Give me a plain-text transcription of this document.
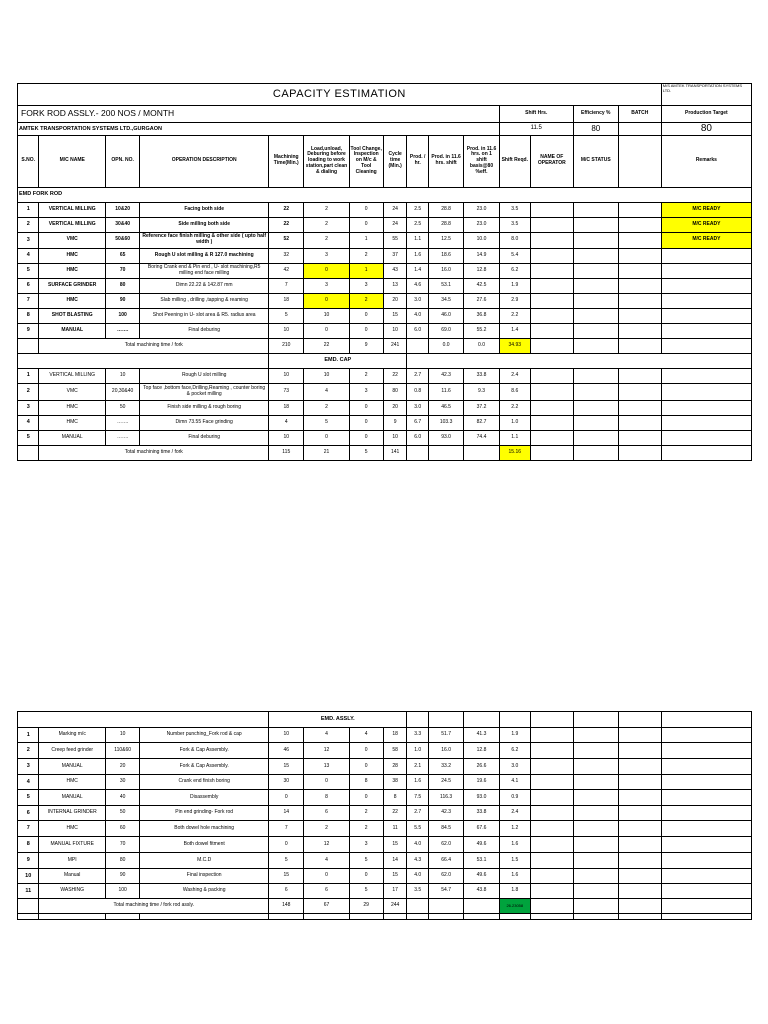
CAPACITY ESTIMATION															M/S AMTEK TRANSPORTATION SYSTEMS LTD.
FORK ROD ASSLY.- 200 NOS / MONTH											Shift Hrs.		Efficiency %	BATCH	Production Target
AMTEK TRANSPORTATION SYSTEMS LTD.,GURGAON											11.5		80		80
S.NO.	M/C NAME	OPN. NO.	OPERATION DESCRIPTION	Machining Time(Min.)	Load,unload, Deburing before loading to work station,part clean & dialing	Tool Change, Inspection on M/c & Tool Cleaning	Cycle time (Min.)	Prod. / hr.	Prod. in 11.6 hrs. shift	Prod. in 11.6 hrs. on 1 shift basis@80 %eff.	Shift Reqd.	NAME OF OPERATOR	M/C STATUS		Remarks
EMD FORK ROD															
1	VERTICAL MILLING	10&20	Facing both side	22	2	0	24	2.5	28.8	23.0	3.5				M/C READY
2	VERTICAL MILLING	30&40	Side milling both side	22	2	0	24	2.5	28.8	23.0	3.5				M/C READY
3	VMC	50&60	Reference face finish milling & other side ( upto half width )	52	2	1	55	1.1	12.5	10.0	8.0				M/C READY
4	HMC	65	Rough U slot milling & R 127.0 machining	32	3	2	37	1.6	18.6	14.9	5.4				
5	HMC	70	Boring Crank end & Pin end , U- slot machining,R5 milling end face milling	42	0	1	43	1.4	16.0	12.8	6.2				
6	SURFACE GRINDER	80	Dimn 22.22 & 142.87 mm	7	3	3	13	4.6	53.1	42.5	1.9				
7	HMC	90	Slab milling , drilling ,tapping & reaming	18	0	2	20	3.0	34.5	27.6	2.9				
8	SHOT BLASTING	100	Shot Peening in U- slot area & R5. radius area	5	10	0	15	4.0	46.0	36.8	2.2				
9	MANUAL	…….	Final deburing	10	0	0	10	6.0	69.0	55.2	1.4				
	Total machining time / fork			210	22	9	241		0.0	0.0	34.93				
				EMD. CAP											
1	VERTICAL MILLING	10	Rough U slot milling	10	10	2	22	2.7	42.3	33.8	2.4				
2	VMC	20,30&40	Top face ,bottom face,Drilling,Reaming , counter boring & pocket milling	73	4	3	80	0.8	11.6	9.3	8.6				
3	HMC	50	Finish side milling & rough boring	18	2	0	20	3.0	46.5	37.2	2.2				
4	HMC	…….	Dimn 73.55 Face grinding	4	5	0	9	6.7	103.3	82.7	1.0				
5	MANUAL	…….	Final deburing	10	0	0	10	6.0	93.0	74.4	1.1				
	Total machining time / fork			115	21	5	141				15.16				
				EMD. ASSLY.											
1	Marking m/c	10	Number punching_Fork rod & cap	10	4	4	18	3.3	51.7	41.3	1.9				
2	Creep feed grinder	110&60	Fork & Cap Assembly.	46	12	0	58	1.0	16.0	12.8	6.2				
3	MANUAL	20	Fork & Cap Assembly.	15	13	0	28	2.1	33.2	26.6	3.0				
4	HMC	30	Crank end finish boring	30	0	8	38	1.6	24.5	19.6	4.1				
5	MANUAL	40	Disassembly	0	8	0	8	7.5	116.3	93.0	0.9				
6	INTERNAL GRINDER	50	Pin end grinding- Fork rod	14	6	2	22	2.7	42.3	33.8	2.4				
7	HMC	60	Both dowel hole machining	7	2	2	11	5.5	84.5	67.6	1.2				
8	MANUAL FIXTURE	70	Both dowel fitment	0	12	3	15	4.0	62.0	49.6	1.6				
9	MPI	80	M.C.D	5	4	5	14	4.3	66.4	53.1	1.5				
10	Manual	90	Final inspection	15	0	0	15	4.0	62.0	49.6	1.6				
11	WASHING	100	Washing & packing	6	6	5	17	3.5	54.7	43.8	1.8				
	Total machining time / fork rod assly.			148	67	29	244				26.23058				
